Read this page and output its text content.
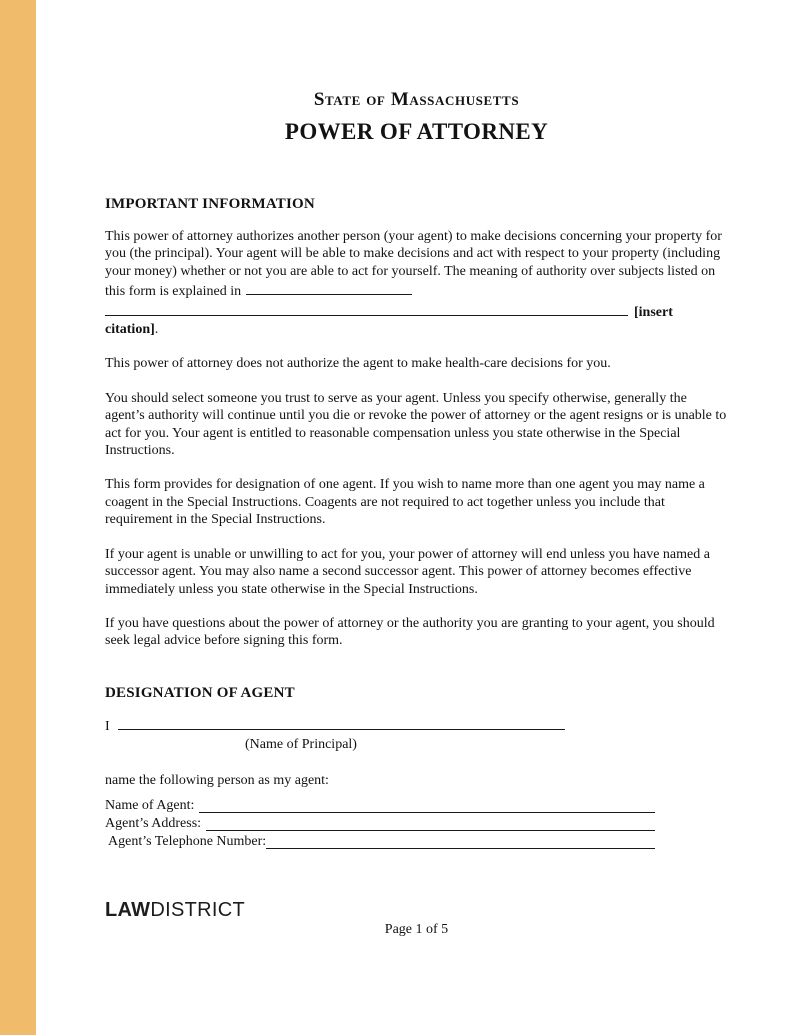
State of Massachusetts
POWER OF ATTORNEY
IMPORTANT INFORMATION

This power of attorney authorizes another person (your agent) to make decisions concerning your property for you (the principal). Your agent will be able to make decisions and act with respect to your property (including your money) whether or not you are able to act for yourself. The meaning of authority over subjects listed on this form is explained in
[insert citation].

This power of attorney does not authorize the agent to make health-care decisions for you.

You should select someone you trust to serve as your agent. Unless you specify otherwise, generally the agent’s authority will continue until you die or revoke the power of attorney or the agent resigns or is unable to act for you. Your agent is entitled to reasonable compensation unless you state otherwise in the Special Instructions.

This form provides for designation of one agent. If you wish to name more than one agent you may name a coagent in the Special Instructions. Coagents are not required to act together unless you include that requirement in the Special Instructions.

If your agent is unable or unwilling to act for you, your power of attorney will end unless you have named a successor agent. You may also name a second successor agent. This power of attorney becomes effective immediately unless you state otherwise in the Special Instructions.

If you have questions about the power of attorney or the authority you are granting to your agent, you should seek legal advice before signing this form.

DESIGNATION OF AGENT
I
(Name of Principal)
name the following person as my agent:
Name of Agent:
Agent’s Address:
Agent’s Telephone Number:
LAWDISTRICT
Page 1 of 5
